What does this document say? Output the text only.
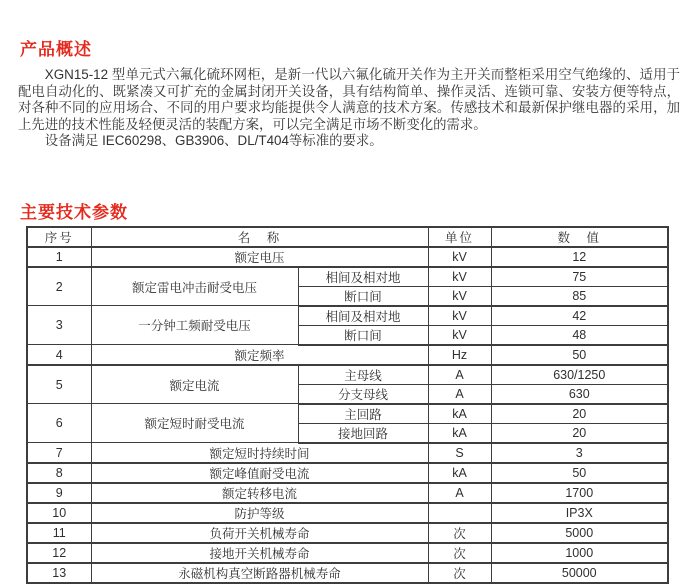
产品概述

XGN15-12 型单元式六氟化硫环网柜，是新一代以六氟化硫开关作为主开关而整柜采用空气绝缘的、适用于配电自动化的、既紧凑又可扩充的金属封闭开关设备，具有结构简单、操作灵活、连锁可靠、安装方便等特点，对各种不同的应用场合、不同的用户要求均能提供令人满意的技术方案。传感技术和最新保护继电器的采用，加上先进的技术性能及轻便灵活的装配方案，可以完全满足市场不断变化的需求。

设备满足 IEC60298、GB3906、DL/T404等标准的要求。

主要技术参数
序号	名　称		单位	数　值
1	额定电压		kV	12
2	额定雷电冲击耐受电压	相间及相对地	kV	75
		断口间	kV	85
3	一分钟工频耐受电压	相间及相对地	kV	42
		断口间	kV	48
4	额定频率		Hz	50
5	额定电流	主母线	A	630/1250
		分支母线	A	630
6	额定短时耐受电流	主回路	kA	20
		接地回路	kA	20
7	额定短时持续时间		S	3
8	额定峰值耐受电流		kA	50
9	额定转移电流		A	1700
10	防护等级			IP3X
11	负荷开关机械寿命		次	5000
12	接地开关机械寿命		次	1000
13	永磁机构真空断路器机械寿命		次	50000
